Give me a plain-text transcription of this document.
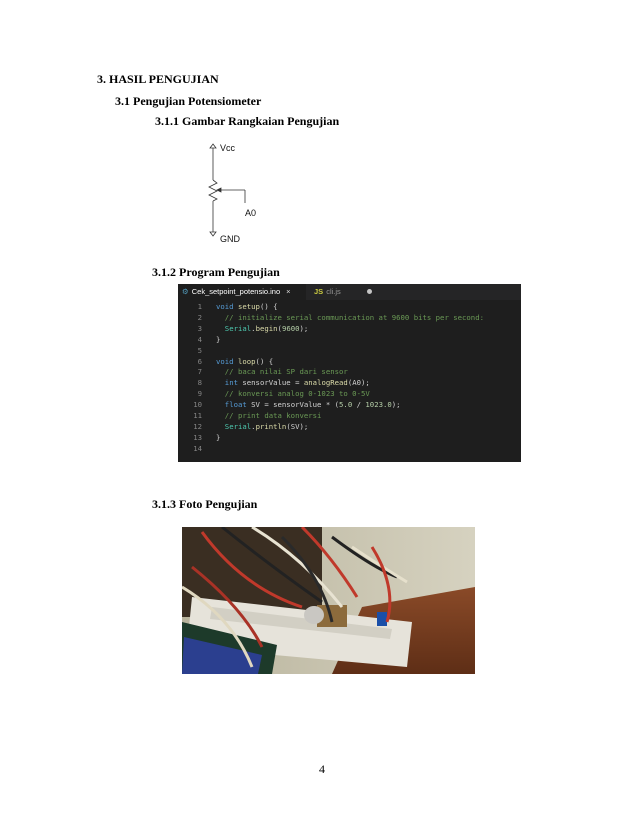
3. HASIL PENGUJIAN
3.1 Pengujian Potensiometer
3.1.1 Gambar Rangkaian Pengujian
Vcc
A0
GND
3.1.2 Program Pengujian
⚙ Cek_setpoint_potensio.ino ×	JS cli.js
1 void setup() {
2 // initialize serial communication at 9600 bits per second:
3	Serial.begin(9600);
4 }
5
6 void loop() {
7 // baca nilai SP dari sensor
8	int sensorValue = analogRead(A0);
9 // konversi analog 0-1023 to 0-5V
10	float SV = sensorValue * (5.0 / 1023.0);
11 // print data konversi
12	Serial.println(SV);
13 }
14
3.1.3 Foto Pengujian
4
